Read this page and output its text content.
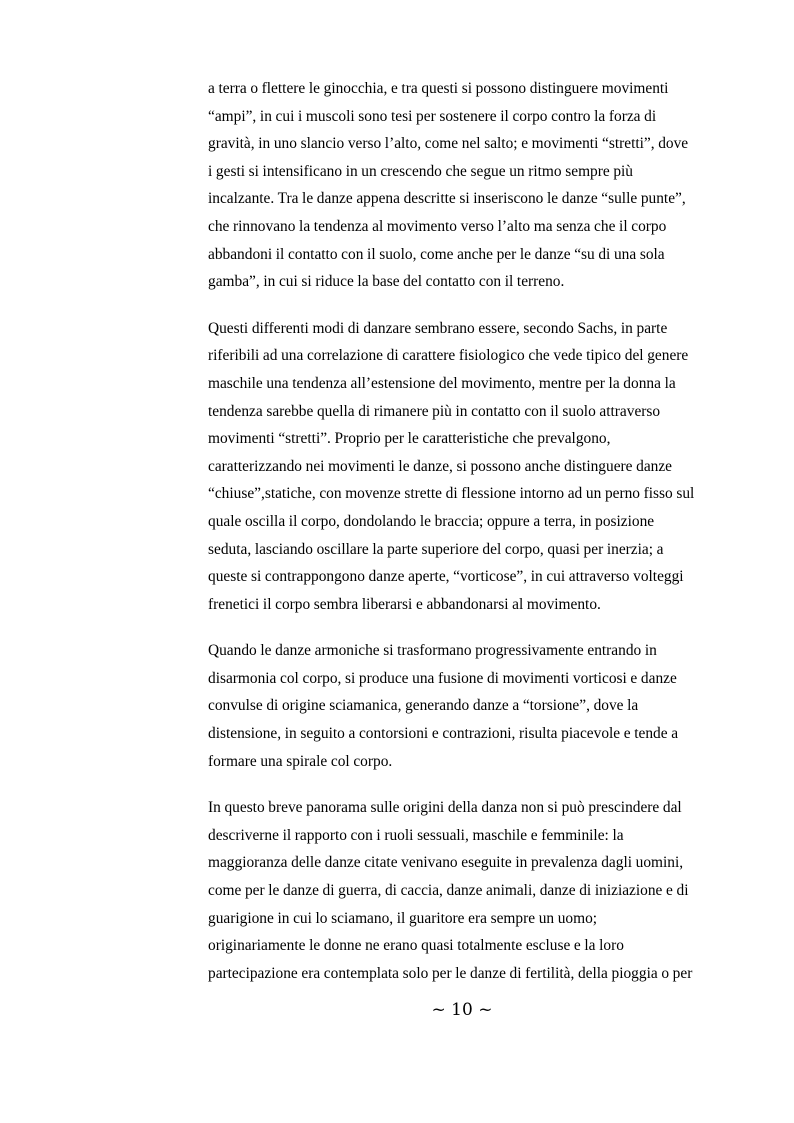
a terra o flettere le ginocchia, e tra questi si possono distinguere movimenti
“ampi”, in cui i muscoli sono tesi per sostenere il corpo contro la forza di
gravità, in uno slancio verso l’alto, come nel salto; e movimenti “stretti”, dove
i gesti si intensificano in un crescendo che segue un ritmo sempre più
incalzante. Tra le danze appena descritte si inseriscono le danze “sulle punte”,
che rinnovano la tendenza al movimento verso l’alto ma senza che il corpo
abbandoni il contatto con il suolo, come anche per le danze “su di una sola
gamba”, in cui si riduce la base del contatto con il terreno.
Questi differenti modi di danzare sembrano essere, secondo Sachs, in parte
riferibili ad una correlazione di carattere fisiologico che vede tipico del genere
maschile una tendenza all’estensione del movimento, mentre per la donna la
tendenza sarebbe quella di rimanere più in contatto con il suolo attraverso
movimenti “stretti”. Proprio per le caratteristiche che prevalgono,
caratterizzando nei movimenti le danze, si possono anche distinguere danze
“chiuse”,statiche, con movenze strette di flessione intorno ad un perno fisso sul
quale oscilla il corpo, dondolando le braccia; oppure a terra, in posizione
seduta, lasciando oscillare la parte superiore del corpo, quasi per inerzia; a
queste si contrappongono danze aperte, “vorticose”, in cui attraverso volteggi
frenetici il corpo sembra liberarsi e abbandonarsi al movimento.
Quando le danze armoniche si trasformano progressivamente entrando in
disarmonia col corpo, si produce una fusione di movimenti vorticosi e danze
convulse di origine sciamanica, generando danze a “torsione”, dove la
distensione, in seguito a contorsioni e contrazioni, risulta piacevole e tende a
formare una spirale col corpo.
In questo breve panorama sulle origini della danza non si può prescindere dal
descriverne il rapporto con i ruoli sessuali, maschile e femminile: la
maggioranza delle danze citate venivano eseguite in prevalenza dagli uomini,
come per le danze di guerra, di caccia, danze animali, danze di iniziazione e di
guarigione in cui lo sciamano, il guaritore era sempre un uomo;
originariamente le donne ne erano quasi totalmente escluse e la loro
partecipazione era contemplata solo per le danze di fertilità, della pioggia o per
~ 10 ~
